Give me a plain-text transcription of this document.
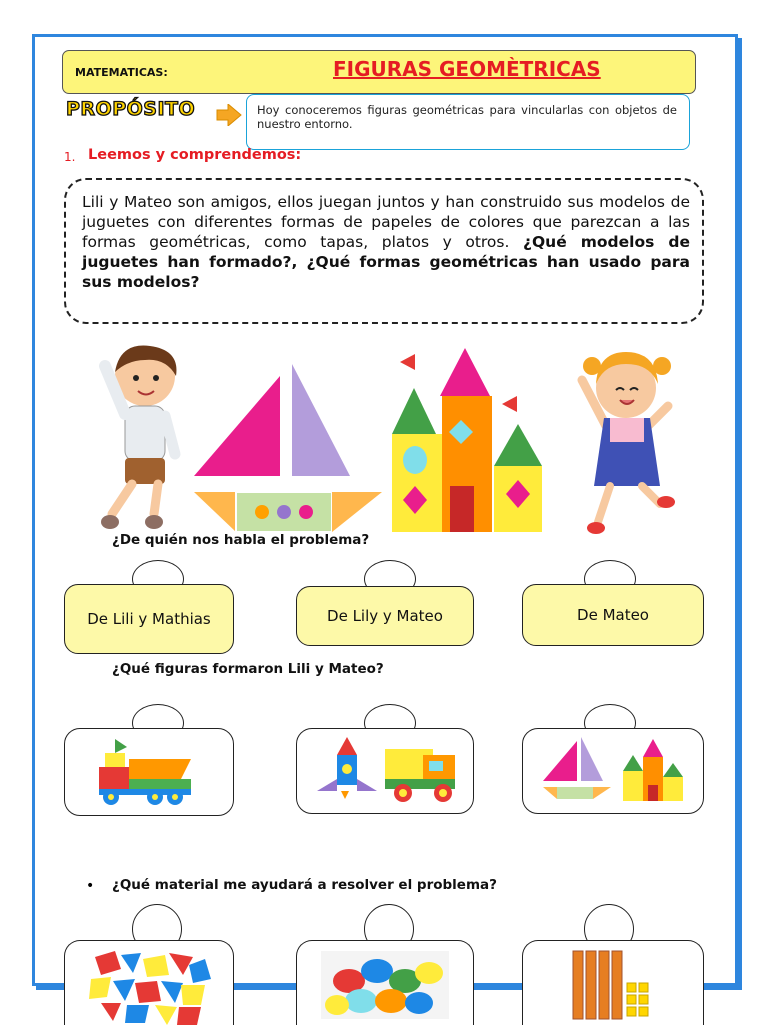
MATEMATICAS:	FIGURAS GEOMÈTRICAS
PROPÓSITO	Hoy conoceremos figuras geométricas para vincularlas con objetos de nuestro entorno.
1. Leemos y comprendemos:
Lili y Mateo son amigos, ellos juegan juntos y han construido sus modelos de juguetes con diferentes formas de papeles de colores que parezcan a las formas geométricas, como tapas, platos y otros. ¿Qué modelos de juguetes han formado?, ¿Qué formas geométricas han usado para sus modelos?
¿De quién nos habla el problema?
De Lili y Mathias	De Lily y Mateo	De Mateo
¿Qué figuras formaron Lili y Mateo?
• ¿Qué material me ayudará a resolver el problema?
